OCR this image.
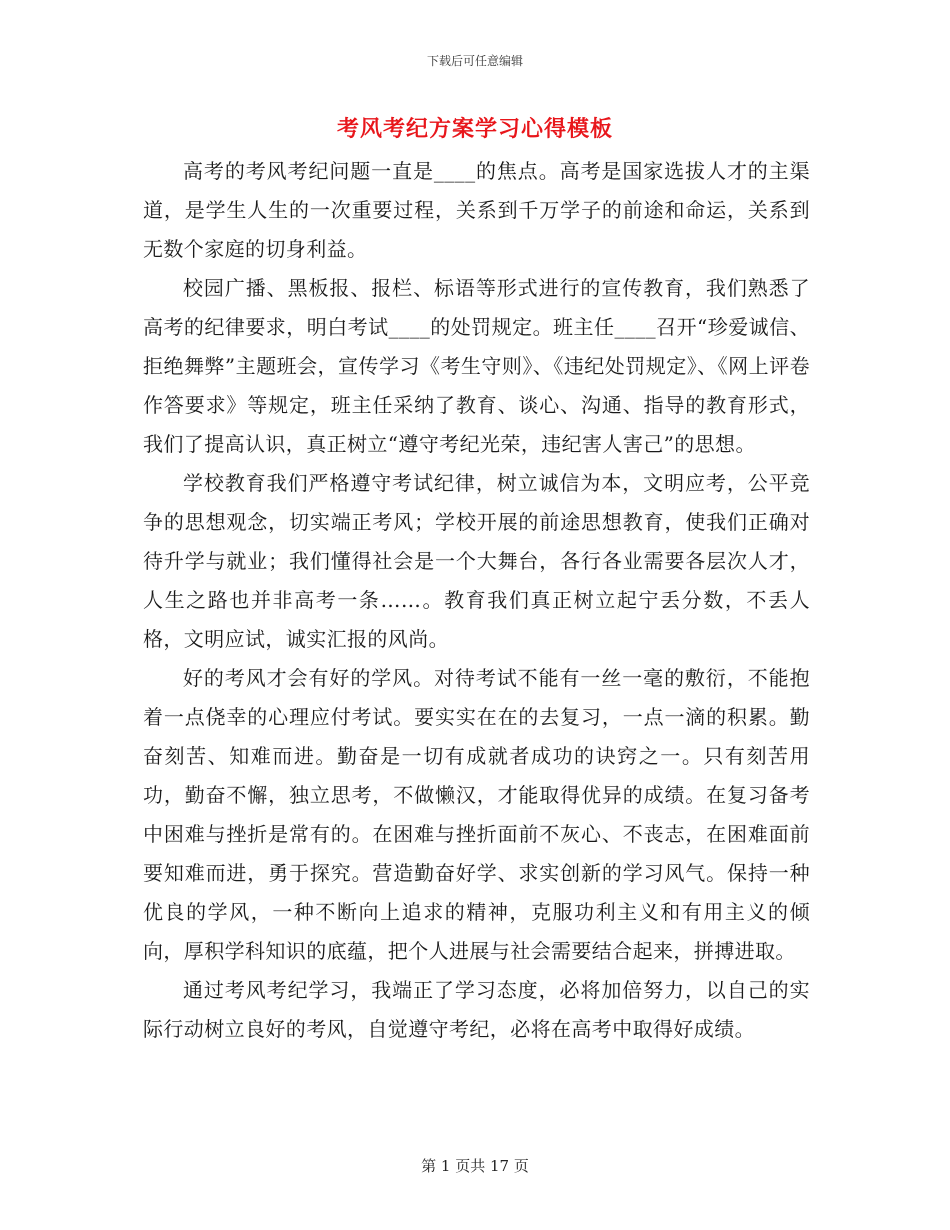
下载后可任意编辑
考风考纪方案学习心得模板

高考的考风考纪问题一直是____的焦点。高考是国家选拔人才的主渠道，是学生人生的一次重要过程，关系到千万学子的前途和命运，关系到无数个家庭的切身利益。

校园广播、黑板报、报栏、标语等形式进行的宣传教育，我们熟悉了高考的纪律要求，明白考试____的处罚规定。班主任____召开“珍爱诚信、拒绝舞弊”主题班会，宣传学习《考生守则》、《违纪处罚规定》、《网上评卷作答要求》等规定，班主任采纳了教育、谈心、沟通、指导的教育形式，我们了提高认识，真正树立“遵守考纪光荣，违纪害人害己”的思想。

学校教育我们严格遵守考试纪律，树立诚信为本，文明应考，公平竞争的思想观念，切实端正考风；学校开展的前途思想教育，使我们正确对待升学与就业；我们懂得社会是一个大舞台，各行各业需要各层次人才，人生之路也并非高考一条……。教育我们真正树立起宁丢分数，不丢人格，文明应试，诚实汇报的风尚。

好的考风才会有好的学风。对待考试不能有一丝一毫的敷衍，不能抱着一点侥幸的心理应付考试。要实实在在的去复习，一点一滴的积累。勤奋刻苦、知难而进。勤奋是一切有成就者成功的诀窍之一。只有刻苦用功，勤奋不懈，独立思考，不做懒汉，才能取得优异的成绩。在复习备考中困难与挫折是常有的。在困难与挫折面前不灰心、不丧志，在困难面前要知难而进，勇于探究。营造勤奋好学、求实创新的学习风气。保持一种优良的学风，一种不断向上追求的精神，克服功利主义和有用主义的倾向，厚积学科知识的底蕴，把个人进展与社会需要结合起来，拼搏进取。

通过考风考纪学习，我端正了学习态度，必将加倍努力，以自己的实际行动树立良好的考风，自觉遵守考纪，必将在高考中取得好成绩。

第 1 页共 17 页
